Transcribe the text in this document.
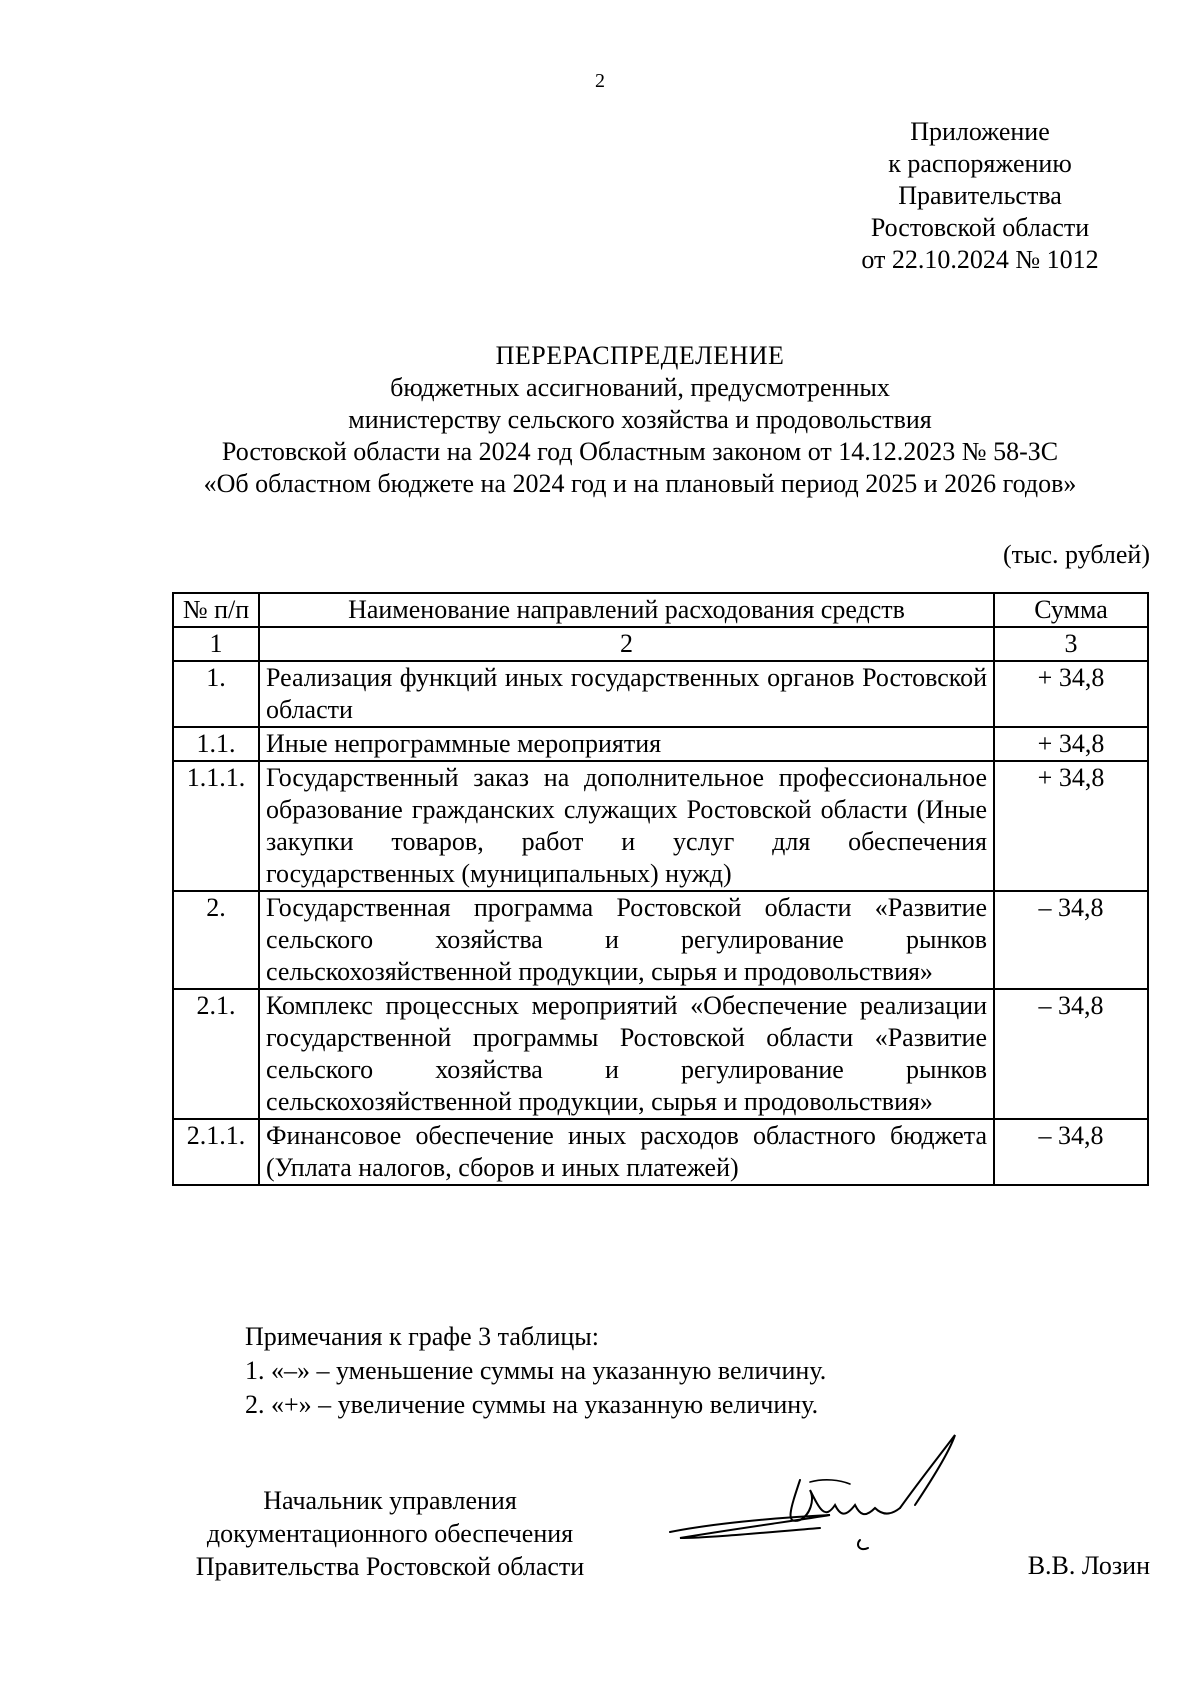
2
Приложение
к распоряжению
Правительства
Ростовской области
от 22.10.2024 № 1012
ПЕРЕРАСПРЕДЕЛЕНИЕ
бюджетных ассигнований, предусмотренных
министерству сельского хозяйства и продовольствия
Ростовской области на 2024 год Областным законом от 14.12.2023 № 58-ЗС
«Об областном бюджете на 2024 год и на плановый период 2025 и 2026 годов»
(тыс. рублей)
№ п/п	Наименование направлений расходования средств	Сумма
1	2	3
1.	Реализация функций иных государственных органов Ростовской области	+ 34,8
1.1.	Иные непрограммные мероприятия	+ 34,8
1.1.1.	Государственный заказ на дополнительное профессиональное образование гражданских служащих Ростовской области (Иные закупки товаров, работ и услуг для обеспечения государственных (муниципальных) нужд)	+ 34,8
2.	Государственная программа Ростовской области «Развитие сельского хозяйства и регулирование рынков сельскохозяйственной продукции, сырья и продовольствия»	– 34,8
2.1.	Комплекс процессных мероприятий «Обеспечение реализации государственной программы Ростовской области «Развитие сельского хозяйства и регулирование рынков сельскохозяйственной продукции, сырья и продовольствия»	– 34,8
2.1.1.	Финансовое обеспечение иных расходов областного бюджета (Уплата налогов, сборов и иных платежей)	– 34,8
Примечания к графе 3 таблицы:
1. «–» – уменьшение суммы на указанную величину.
2. «+» – увеличение суммы на указанную величину.
Начальник управления
документационного обеспечения
Правительства Ростовской области	В.В. Лозин
